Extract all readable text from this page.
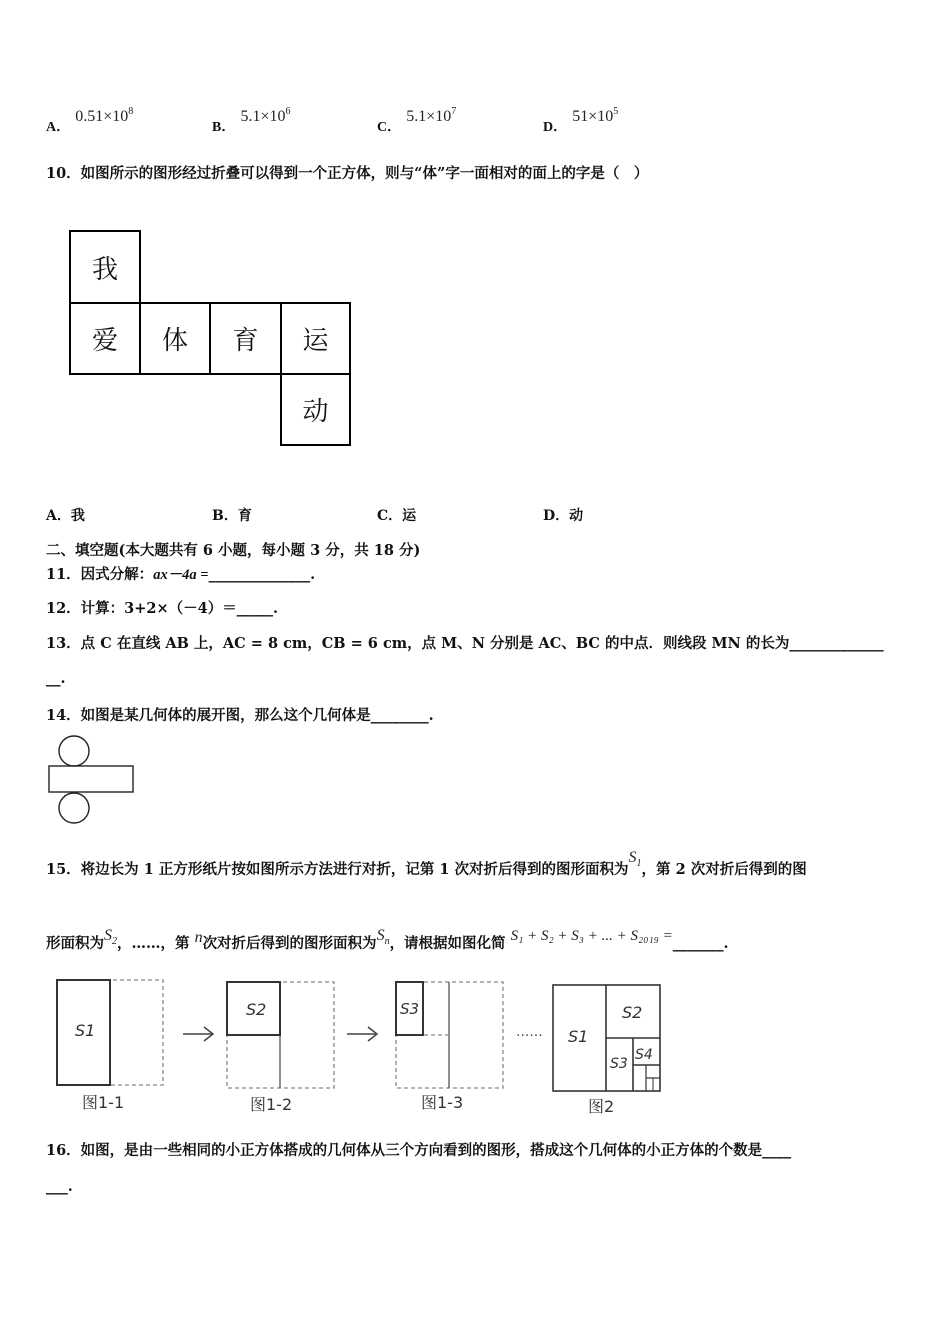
A． $0.51\times 10^8$
B． $5.1\times 10^6$
C． $5.1\times 10^7$
D． $51\times 10^5$
10．如图所示的图形经过折叠可以得到一个正方体，则与“体”字一面相对的面上的字是（　）
我
爱	体	育	运
动
A．我	B．育	C．运	D．动
二、填空题(本大题共有 6 小题，每小题 3 分，共 18 分)
11．因式分解：ax－4a =______________.
12．计算：3+2×（－4）＝_____.
13．点 C 在直线 AB 上，AC = 8 cm，CB = 6 cm，点 M、N 分别是 AC、BC 的中点．则线段 MN 的长为_____________
__.
14．如图是某几何体的展开图，那么这个几何体是________.
15．将边长为 1 正方形纸片按如图所示方法进行对折，记第 1 次对折后得到的图形面积为$S_1$，第 2 次对折后得到的图
形面积为$S_2$，……，第 n次对折后得到的图形面积为$S_n$，请根据如图化简 S₁ + S₂ + S₃ + ... + S₂₀₁₉ =_______.
S1
图1-1
S2
图1-2
S3
图1-3
...... S1
S2
S3
S4
图2
16．如图，是由一些相同的小正方体搭成的几何体从三个方向看到的图形，搭成这个几何体的小正方体的个数是____
___.
